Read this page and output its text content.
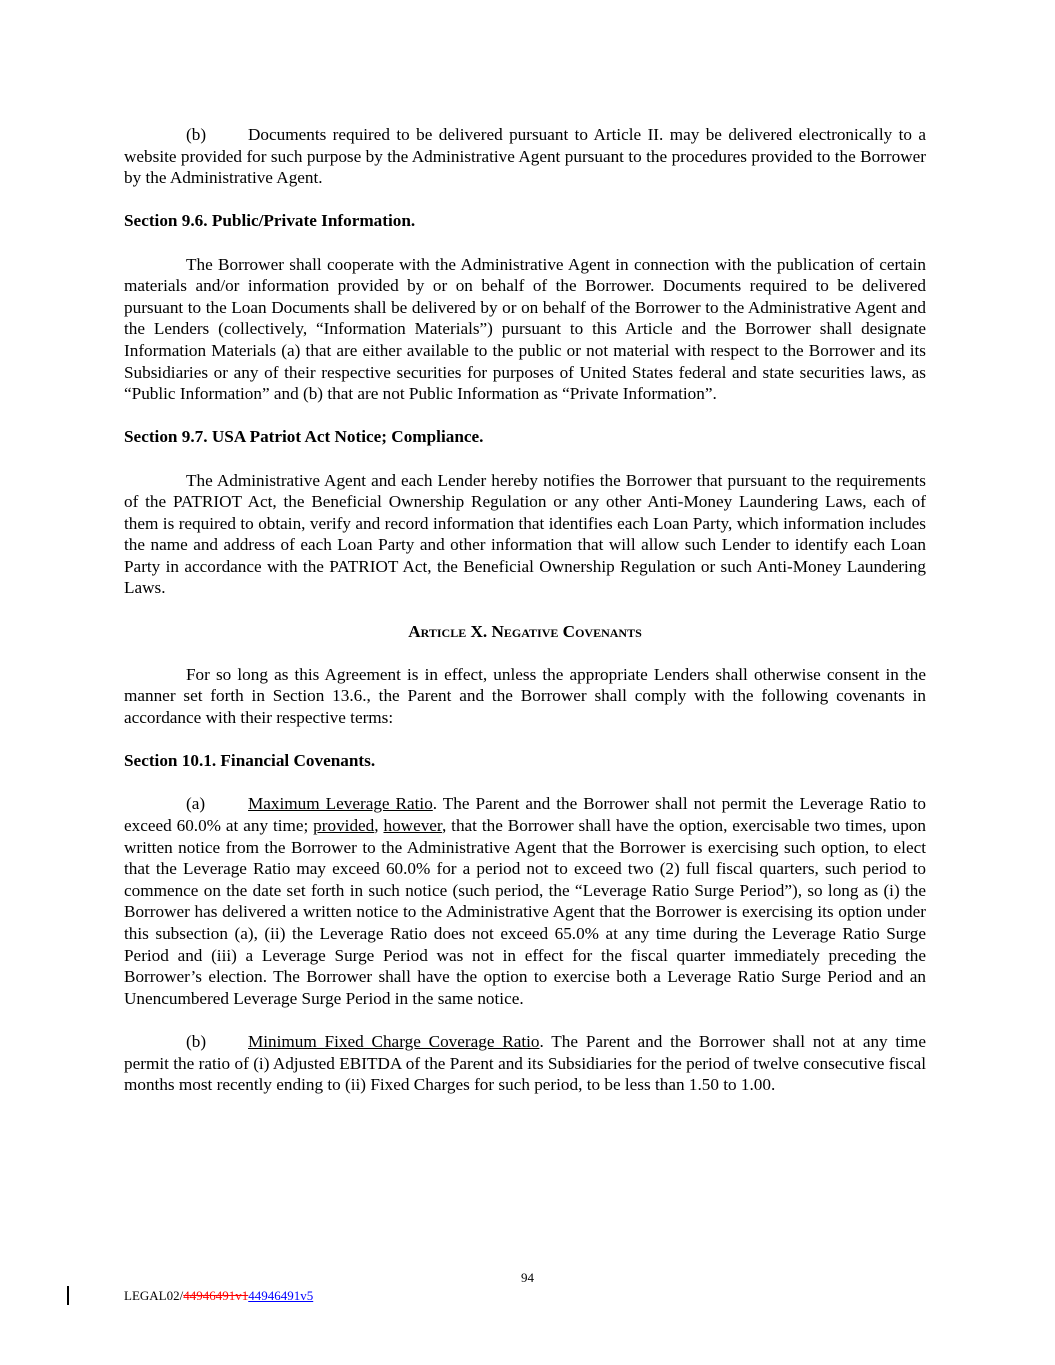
(b) Documents required to be delivered pursuant to Article II. may be delivered electronically to a website provided for such purpose by the Administrative Agent pursuant to the procedures provided to the Borrower by the Administrative Agent.

Section 9.6. Public/Private Information.

The Borrower shall cooperate with the Administrative Agent in connection with the publication of certain materials and/or information provided by or on behalf of the Borrower. Documents required to be delivered pursuant to the Loan Documents shall be delivered by or on behalf of the Borrower to the Administrative Agent and the Lenders (collectively, “Information Materials”) pursuant to this Article and the Borrower shall designate Information Materials (a) that are either available to the public or not material with respect to the Borrower and its Subsidiaries or any of their respective securities for purposes of United States federal and state securities laws, as “Public Information” and (b) that are not Public Information as “Private Information”.

Section 9.7. USA Patriot Act Notice; Compliance.

The Administrative Agent and each Lender hereby notifies the Borrower that pursuant to the requirements of the PATRIOT Act, the Beneficial Ownership Regulation or any other Anti-Money Laundering Laws, each of them is required to obtain, verify and record information that identifies each Loan Party, which information includes the name and address of each Loan Party and other information that will allow such Lender to identify each Loan Party in accordance with the PATRIOT Act, the Beneficial Ownership Regulation or such Anti-Money Laundering Laws.

Article X. Negative Covenants

For so long as this Agreement is in effect, unless the appropriate Lenders shall otherwise consent in the manner set forth in Section 13.6., the Parent and the Borrower shall comply with the following covenants in accordance with their respective terms:

Section 10.1. Financial Covenants.

(a) Maximum Leverage Ratio. The Parent and the Borrower shall not permit the Leverage Ratio to exceed 60.0% at any time; provided, however, that the Borrower shall have the option, exercisable two times, upon written notice from the Borrower to the Administrative Agent that the Borrower is exercising such option, to elect that the Leverage Ratio may exceed 60.0% for a period not to exceed two (2) full fiscal quarters, such period to commence on the date set forth in such notice (such period, the “Leverage Ratio Surge Period”), so long as (i) the Borrower has delivered a written notice to the Administrative Agent that the Borrower is exercising its option under this subsection (a), (ii) the Leverage Ratio does not exceed 65.0% at any time during the Leverage Ratio Surge Period and (iii) a Leverage Surge Period was not in effect for the fiscal quarter immediately preceding the Borrower’s election. The Borrower shall have the option to exercise both a Leverage Ratio Surge Period and an Unencumbered Leverage Surge Period in the same notice.

(b) Minimum Fixed Charge Coverage Ratio. The Parent and the Borrower shall not at any time permit the ratio of (i) Adjusted EBITDA of the Parent and its Subsidiaries for the period of twelve consecutive fiscal months most recently ending to (ii) Fixed Charges for such period, to be less than 1.50 to 1.00.

94
LEGAL02/44946491v144946491v5
